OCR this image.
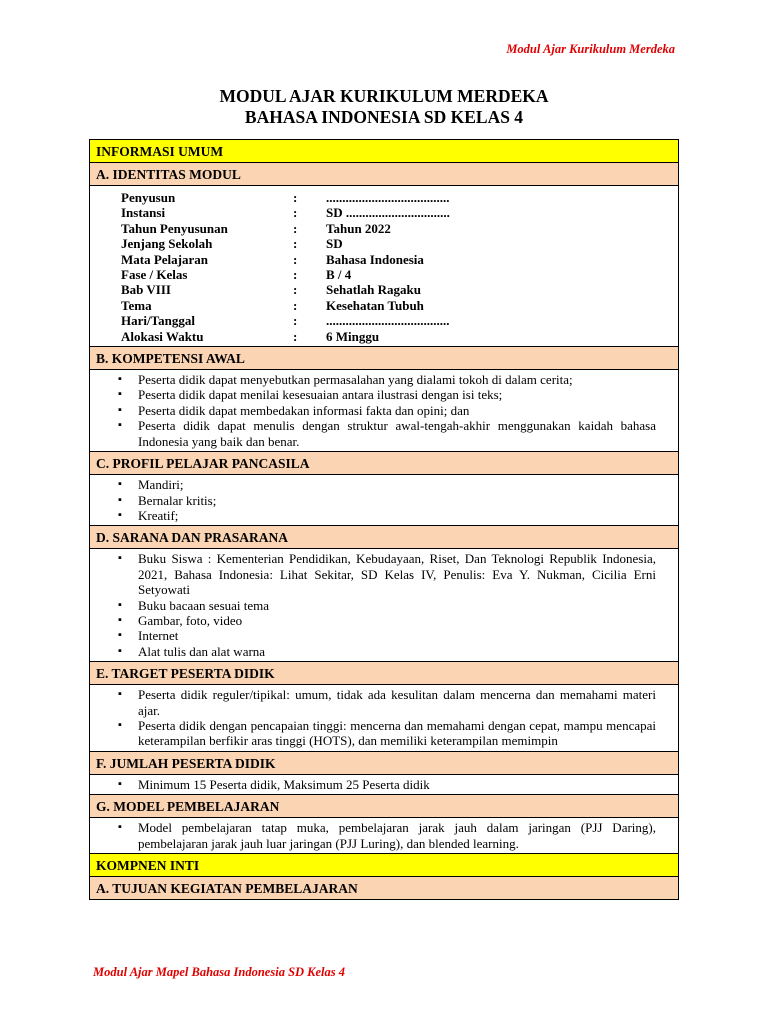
Modul Ajar Kurikulum Merdeka
MODUL AJAR KURIKULUM MERDEKA
BAHASA INDONESIA SD KELAS 4
INFORMASI UMUM
A. IDENTITAS MODUL
Penyusun	:	......................................
Instansi	:	SD ................................
Tahun Penyusunan	:	Tahun 2022
Jenjang Sekolah	:	SD
Mata Pelajaran	:	Bahasa Indonesia
Fase / Kelas	:	B / 4
Bab VIII	:	Sehatlah Ragaku
Tema	:	Kesehatan Tubuh
Hari/Tanggal	:	......................................
Alokasi Waktu	:	6 Minggu
B. KOMPETENSI AWAL
▪ Peserta didik dapat menyebutkan permasalahan yang dialami tokoh di dalam cerita;
▪ Peserta didik dapat menilai kesesuaian antara ilustrasi dengan isi teks;
▪ Peserta didik dapat membedakan informasi fakta dan opini; dan
▪ Peserta didik dapat menulis dengan struktur awal-tengah-akhir menggunakan kaidah bahasa Indonesia yang baik dan benar.
C. PROFIL PELAJAR PANCASILA
▪ Mandiri;
▪ Bernalar kritis;
▪ Kreatif;
D. SARANA DAN PRASARANA
▪ Buku Siswa : Kementerian Pendidikan, Kebudayaan, Riset, Dan Teknologi Republik Indonesia, 2021, Bahasa Indonesia: Lihat Sekitar, SD Kelas IV, Penulis: Eva Y. Nukman, Cicilia Erni Setyowati
▪ Buku bacaan sesuai tema
▪ Gambar, foto, video
▪ Internet
▪ Alat tulis dan alat warna
E. TARGET PESERTA DIDIK
▪ Peserta didik reguler/tipikal: umum, tidak ada kesulitan dalam mencerna dan memahami materi ajar.
▪ Peserta didik dengan pencapaian tinggi: mencerna dan memahami dengan cepat, mampu mencapai keterampilan berfikir aras tinggi (HOTS), dan memiliki keterampilan memimpin
F. JUMLAH PESERTA DIDIK
▪ Minimum 15 Peserta didik, Maksimum 25 Peserta didik
G. MODEL PEMBELAJARAN
▪ Model pembelajaran tatap muka, pembelajaran jarak jauh dalam jaringan (PJJ Daring), pembelajaran jarak jauh luar jaringan (PJJ Luring), dan blended learning.
KOMPNEN INTI
A. TUJUAN KEGIATAN PEMBELAJARAN
Modul Ajar Mapel Bahasa Indonesia SD Kelas 4
